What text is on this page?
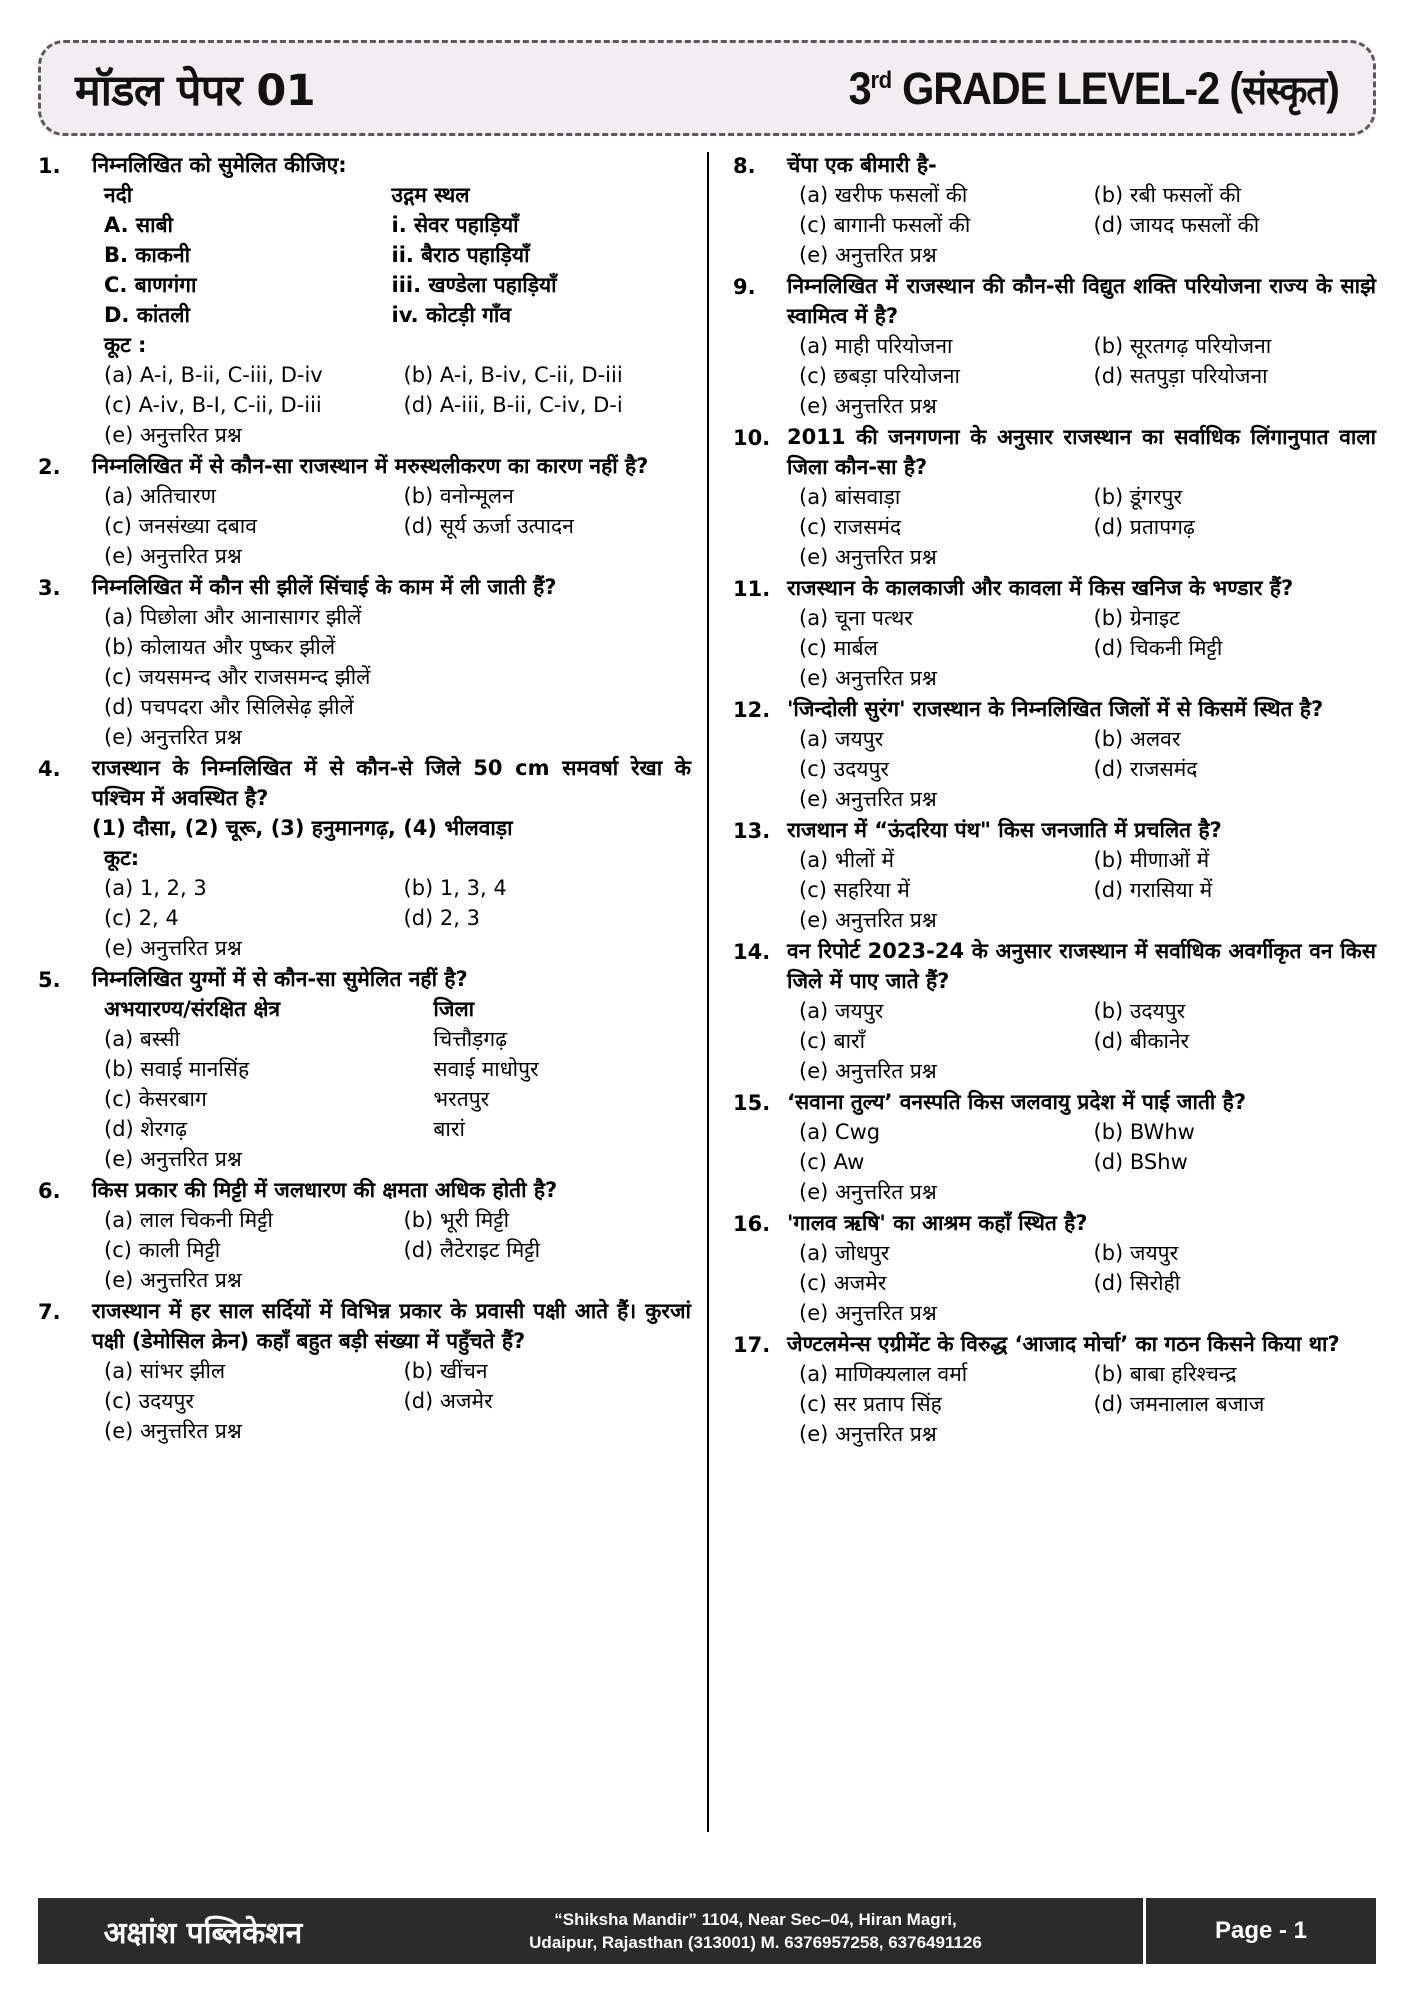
मॉडल पेपर 01	3rd GRADE LEVEL-2 (संस्कृत)
1.	निम्नलिखित को सुमेलित कीजिए:
नदी	उद्गम स्थल
A. साबी	i. सेवर पहाड़ियाँ
B. काकनी	ii. बैराठ पहाड़ियाँ
C. बाणगंगा	iii. खण्डेला पहाड़ियाँ
D. कांतली	iv. कोटड़ी गाँव
कूट :
(a) A-i, B-ii, C-iii, D-iv	(b) A-i, B-iv, C-ii, D-iii
(c) A-iv, B-I, C-ii, D-iii	(d) A-iii, B-ii, C-iv, D-i
(e) अनुत्तरित प्रश्न
2.	निम्नलिखित में से कौन-सा राजस्थान में मरुस्थलीकरण का कारण नहीं है?
(a) अतिचारण	(b) वनोन्मूलन
(c) जनसंख्या दबाव	(d) सूर्य ऊर्जा उत्पादन
(e) अनुत्तरित प्रश्न
3.	निम्नलिखित में कौन सी झीलें सिंचाई के काम में ली जाती हैं?
(a) पिछोला और आनासागर झीलें
(b) कोलायत और पुष्कर झीलें
(c) जयसमन्द और राजसमन्द झीलें
(d) पचपदरा और सिलिसेढ़ झीलें
(e) अनुत्तरित प्रश्न
4.	राजस्थान के निम्नलिखित में से कौन-से जिले 50 cm समवर्षा रेखा के पश्चिम में अवस्थित है?
(1) दौसा, (2) चूरू, (3) हनुमानगढ़, (4) भीलवाड़ा
कूट:
(a) 1, 2, 3	(b) 1, 3, 4
(c) 2, 4	(d) 2, 3
(e) अनुत्तरित प्रश्न
5.	निम्नलिखित युग्मों में से कौन-सा सुमेलित नहीं है?
अभयारण्य/संरक्षित क्षेत्र	जिला
(a) बस्सी	चित्तौड़गढ़
(b) सवाई मानसिंह	सवाई माधोपुर
(c) केसरबाग	भरतपुर
(d) शेरगढ़	बारां
(e) अनुत्तरित प्रश्न
6.	किस प्रकार की मिट्टी में जलधारण की क्षमता अधिक होती है?
(a) लाल चिकनी मिट्टी	(b) भूरी मिट्टी
(c) काली मिट्टी	(d) लैटेराइट मिट्टी
(e) अनुत्तरित प्रश्न
7.	राजस्थान में हर साल सर्दियों में विभिन्न प्रकार के प्रवासी पक्षी आते हैं। कुरजां पक्षी (डेमोसिल क्रेन) कहाँ बहुत बड़ी संख्या में पहुँचते हैं?
(a) सांभर झील	(b) खींचन
(c) उदयपुर	(d) अजमेर
(e) अनुत्तरित प्रश्न
8.	चेंपा एक बीमारी है-
(a) खरीफ फसलों की	(b) रबी फसलों की
(c) बागानी फसलों की	(d) जायद फसलों की
(e) अनुत्तरित प्रश्न
9.	निम्नलिखित में राजस्थान की कौन-सी विद्युत शक्ति परियोजना राज्य के साझे स्वामित्व में है?
(a) माही परियोजना	(b) सूरतगढ़ परियोजना
(c) छबड़ा परियोजना	(d) सतपुड़ा परियोजना
(e) अनुत्तरित प्रश्न
10. 2011 की जनगणना के अनुसार राजस्थान का सर्वाधिक लिंगानुपात वाला जिला कौन-सा है?
(a) बांसवाड़ा	(b) डूंगरपुर
(c) राजसमंद	(d) प्रतापगढ़
(e) अनुत्तरित प्रश्न
11. राजस्थान के कालकाजी और कावला में किस खनिज के भण्डार हैं?
(a) चूना पत्थर	(b) ग्रेनाइट
(c) मार्बल	(d) चिकनी मिट्टी
(e) अनुत्तरित प्रश्न
12. 'जिन्दोली सुरंग' राजस्थान के निम्नलिखित जिलों में से किसमें स्थित है?
(a) जयपुर	(b) अलवर
(c) उदयपुर	(d) राजसमंद
(e) अनुत्तरित प्रश्न
13. राजथान में “ऊंदरिया पंथ" किस जनजाति में प्रचलित है?
(a) भीलों में	(b) मीणाओं में
(c) सहरिया में	(d) गरासिया में
(e) अनुत्तरित प्रश्न
14. वन रिपोर्ट 2023-24 के अनुसार राजस्थान में सर्वाधिक अवर्गीकृत वन किस जिले में पाए जाते हैं?
(a) जयपुर	(b) उदयपुर
(c) बाराँ	(d) बीकानेर
(e) अनुत्तरित प्रश्न
15. ‘सवाना तुल्य’ वनस्पति किस जलवायु प्रदेश में पाई जाती है?
(a) Cwg	(b) BWhw
(c) Aw	(d) BShw
(e) अनुत्तरित प्रश्न
16. 'गालव ऋषि' का आश्रम कहाँ स्थित है?
(a) जोधपुर	(b) जयपुर
(c) अजमेर	(d) सिरोही
(e) अनुत्तरित प्रश्न
17. जेण्टलमेन्स एग्रीमेंट के विरुद्ध ‘आजाद मोर्चा’ का गठन किसने किया था?
(a) माणिक्यलाल वर्मा	(b) बाबा हरिश्चन्द्र
(c) सर प्रताप सिंह	(d) जमनालाल बजाज
(e) अनुत्तरित प्रश्न
अक्षांश पब्लिकेशन	“Shiksha Mandir” 1104, Near Sec–04, Hiran Magri,
Udaipur, Rajasthan (313001) M. 6376957258, 6376491126	Page - 1
